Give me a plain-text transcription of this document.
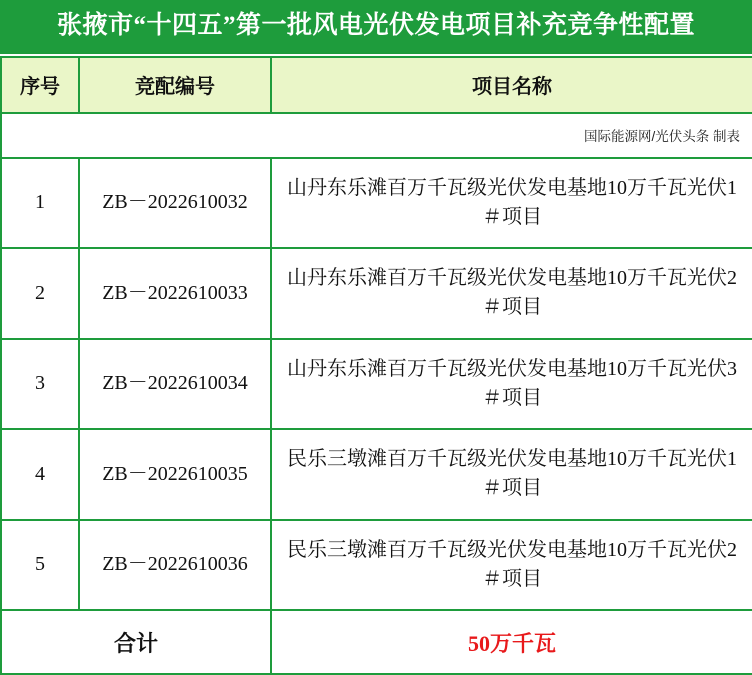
张掖市“十四五”第一批风电光伏发电项目补充竞争性配置
序号	竞配编号	项目名称
国际能源网/光伏头条 制表		
1	ZB－2022610032	山丹东乐滩百万千瓦级光伏发电基地10万千瓦光伏1＃项目
2	ZB－2022610033	山丹东乐滩百万千瓦级光伏发电基地10万千瓦光伏2＃项目
3	ZB－2022610034	山丹东乐滩百万千瓦级光伏发电基地10万千瓦光伏3＃项目
4	ZB－2022610035	民乐三墩滩百万千瓦级光伏发电基地10万千瓦光伏1＃项目
5	ZB－2022610036	民乐三墩滩百万千瓦级光伏发电基地10万千瓦光伏2＃项目
合计		50万千瓦
